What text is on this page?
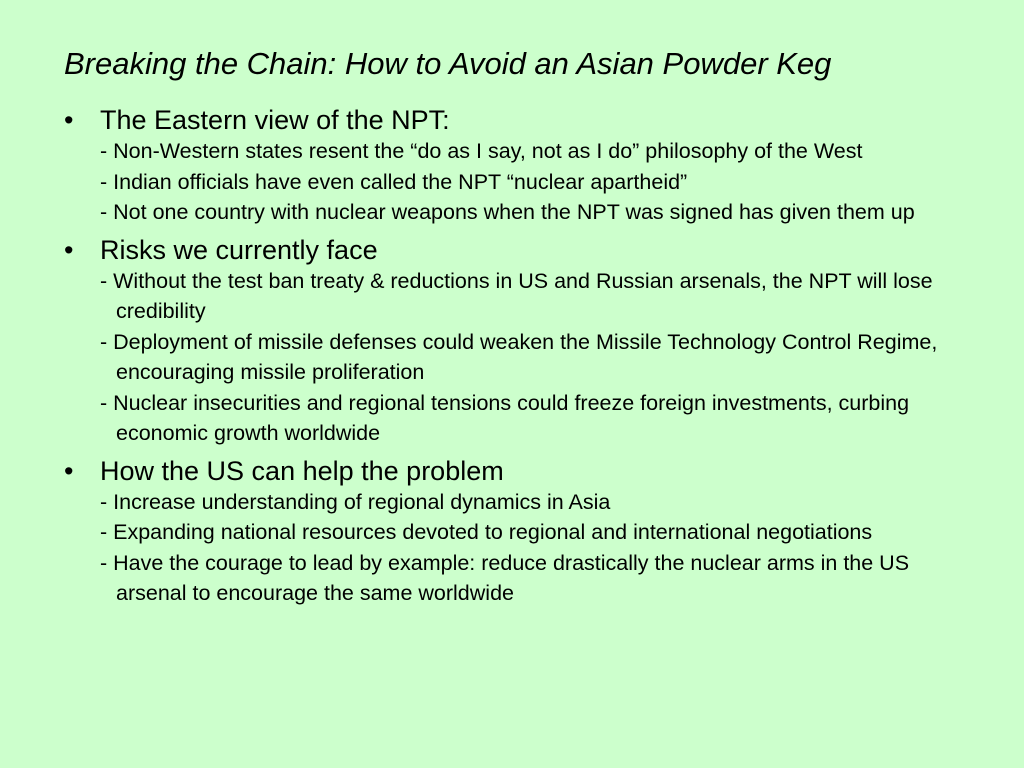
Breaking the Chain: How to Avoid an Asian Powder Keg
• The Eastern view of the NPT:
- Non-Western states resent the “do as I say, not as I do” philosophy of the West
- Indian officials have even called the NPT “nuclear apartheid”
- Not one country with nuclear weapons when the NPT was signed has given them up
• Risks we currently face
- Without the test ban treaty & reductions in US and Russian arsenals, the NPT will lose credibility
- Deployment of missile defenses could weaken the Missile Technology Control Regime, encouraging missile proliferation
- Nuclear insecurities and regional tensions could freeze foreign investments, curbing economic growth worldwide
• How the US can help the problem
- Increase understanding of regional dynamics in Asia
- Expanding national resources devoted to regional and international negotiations
- Have the courage to lead by example: reduce drastically the nuclear arms in the US arsenal to encourage the same worldwide
